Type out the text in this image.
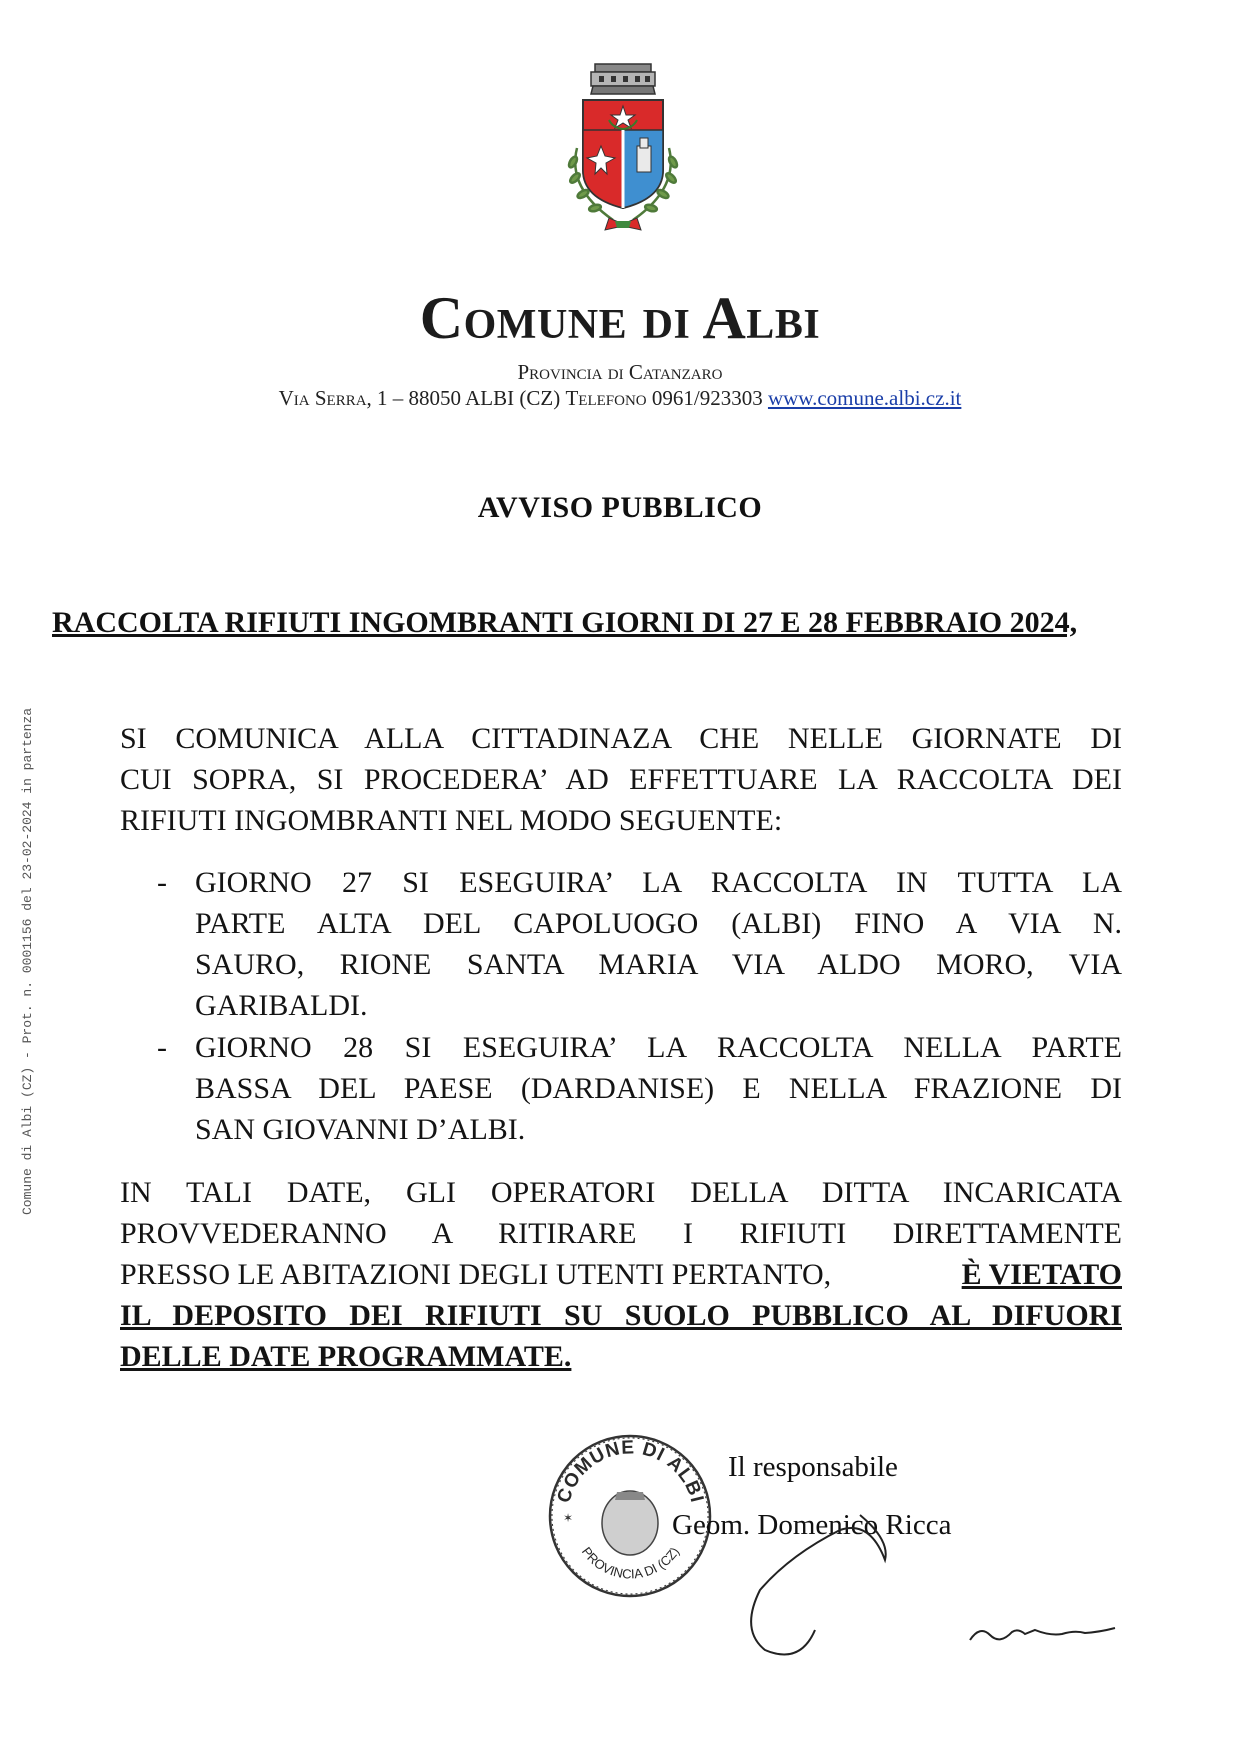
Comune di Albi (CZ) - Prot. n. 0001156 del 23-02-2024 in partenza
Comune di Albi
Provincia di Catanzaro
Via Serra, 1 – 88050 ALBI (CZ) Telefono 0961/923303 www.comune.albi.cz.it
AVVISO PUBBLICO
RACCOLTA RIFIUTI INGOMBRANTI GIORNI DI 27 E 28 FEBBRAIO 2024,
SI COMUNICA ALLA CITTADINAZA CHE NELLE GIORNATE DI
CUI SOPRA, SI PROCEDERA’ AD EFFETTUARE LA RACCOLTA DEI
RIFIUTI INGOMBRANTI NEL MODO SEGUENTE:
- GIORNO 27 SI ESEGUIRA’ LA RACCOLTA IN TUTTA LA
PARTE ALTA DEL CAPOLUOGO (ALBI) FINO A VIA N.
SAURO, RIONE SANTA MARIA VIA ALDO MORO, VIA
GARIBALDI.
- GIORNO 28 SI ESEGUIRA’ LA RACCOLTA NELLA PARTE
BASSA DEL PAESE (DARDANISE) E NELLA FRAZIONE DI
SAN GIOVANNI D’ALBI.
IN TALI DATE, GLI OPERATORI DELLA DITTA INCARICATA
PROVVEDERANNO A RITIRARE I RIFIUTI DIRETTAMENTE
PRESSO LE ABITAZIONI DEGLI UTENTI PERTANTO,	È VIETATO
IL DEPOSITO DEI RIFIUTI SU SUOLO PUBBLICO AL DIFUORI
DELLE DATE PROGRAMMATE.
COMUNE DI ALBI
PROVINCIA DI (CZ)
✶
Il responsabile
Geom. Domenico Ricca
